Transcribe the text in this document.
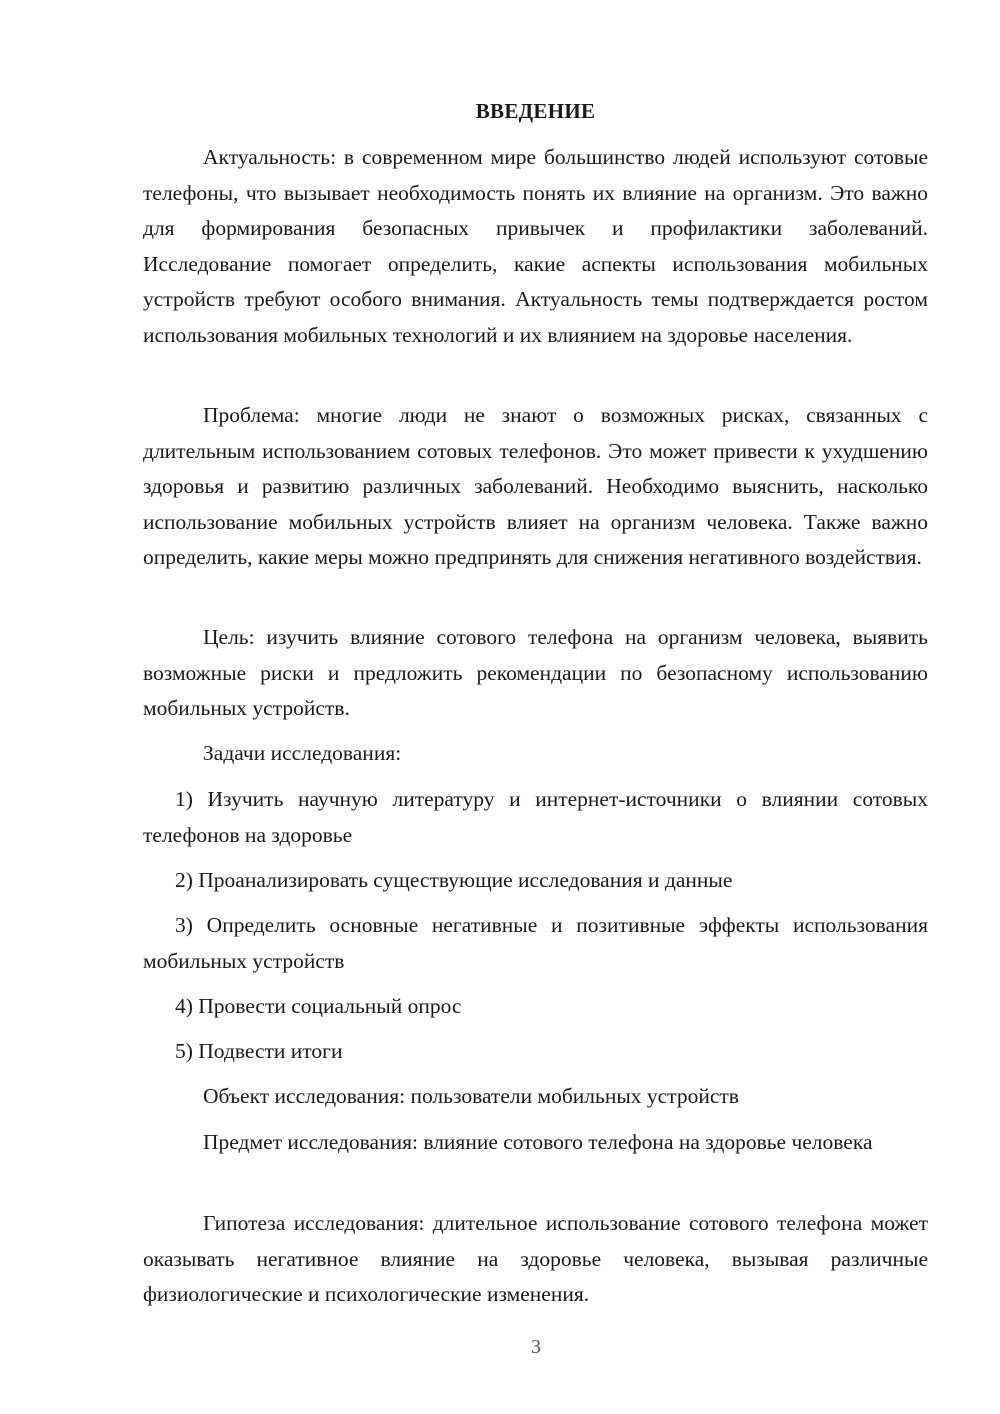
ВВЕДЕНИЕ

Актуальность: в современном мире большинство людей используют сотовые телефоны, что вызывает необходимость понять их влияние на организм. Это важно для формирования безопасных привычек и профилактики заболеваний. Исследование помогает определить, какие аспекты использования мобильных устройств требуют особого внимания. Актуальность темы подтверждается ростом использования мобильных технологий и их влиянием на здоровье населения.

Проблема: многие люди не знают о возможных рисках, связанных с длительным использованием сотовых телефонов. Это может привести к ухудшению здоровья и развитию различных заболеваний. Необходимо выяснить, насколько использование мобильных устройств влияет на организм человека. Также важно определить, какие меры можно предпринять для снижения негативного воздействия.

Цель: изучить влияние сотового телефона на организм человека, выявить возможные риски и предложить рекомендации по безопасному использованию мобильных устройств.

Задачи исследования:

1) Изучить научную литературу и интернет-источники о влиянии сотовых телефонов на здоровье

2) Проанализировать существующие исследования и данные

3) Определить основные негативные и позитивные эффекты использования мобильных устройств

4) Провести социальный опрос

5) Подвести итоги

Объект исследования: пользователи мобильных устройств

Предмет исследования: влияние сотового телефона на здоровье человека

Гипотеза исследования: длительное использование сотового телефона может оказывать негативное влияние на здоровье человека, вызывая различные физиологические и психологические изменения.

3
